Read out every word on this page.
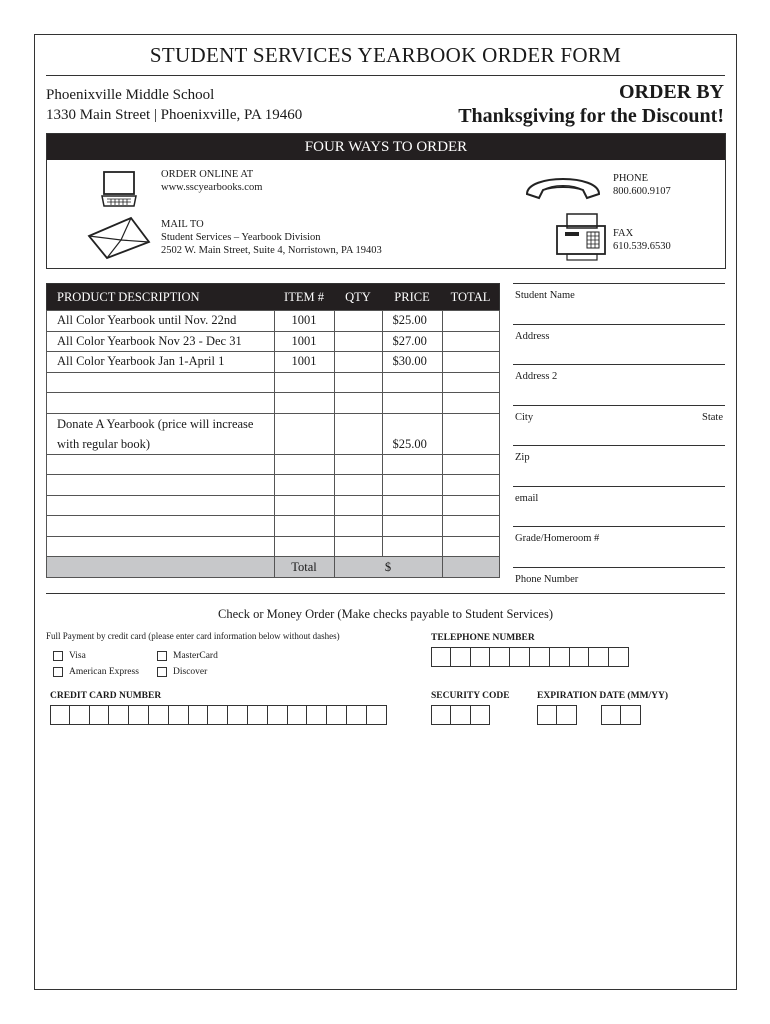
STUDENT SERVICES YEARBOOK ORDER FORM
Phoenixville Middle School
1330 Main Street | Phoenixville, PA 19460
ORDER BY
Thanksgiving for the Discount!
FOUR WAYS TO ORDER
ORDER ONLINE AT
www.sscyearbooks.com
MAIL TO
Student Services – Yearbook Division
2502 W. Main Street, Suite 4, Norristown, PA 19403
PHONE
800.600.9107
FAX
610.539.6530
PRODUCT DESCRIPTION	ITEM #	QTY	PRICE	TOTAL
All Color Yearbook until Nov. 22nd	1001		$25.00	
All Color Yearbook Nov 23 - Dec 31	1001		$27.00	
All Color Yearbook Jan 1-April 1	1001		$30.00	

Donate A Yearbook (price will increase
with regular book)			$25.00	

	Total	$		
Student Name
Address
Address 2
City	State
Zip
email
Grade/Homeroom #
Phone Number
Check or Money Order (Make checks payable to Student Services)
Full Payment by credit card (please enter card information below without dashes)
Visa	MasterCard
American Express	Discover
TELEPHONE NUMBER
CREDIT CARD NUMBER	SECURITY CODE	EXPIRATION DATE (MM/YY)
